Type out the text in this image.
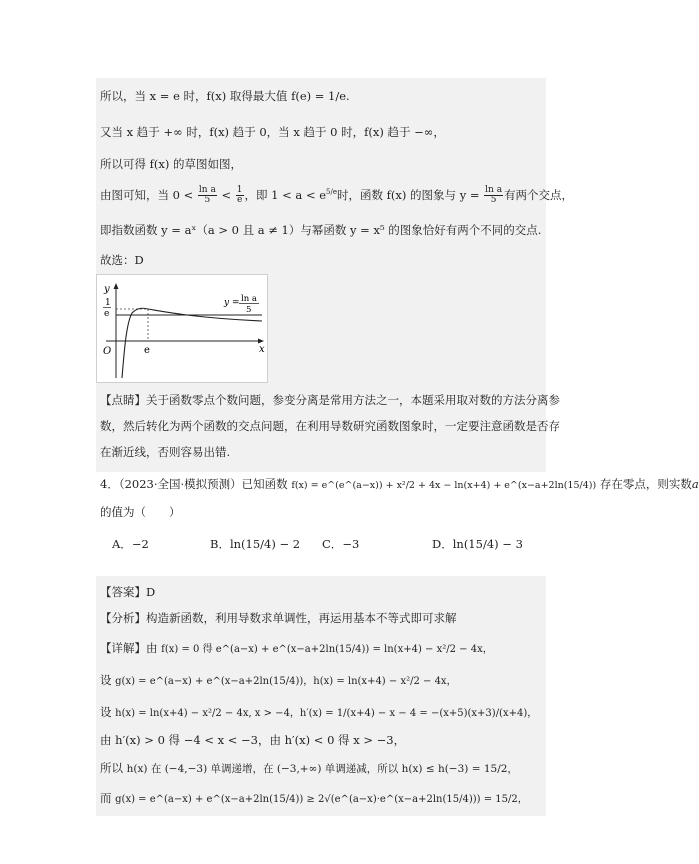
所以，当 x = e 时，f(x) 取得最大值 f(e) = 1/e.
又当 x 趋于 +∞ 时，f(x) 趋于 0，当 x 趋于 0 时，f(x) 趋于 −∞，
所以可得 f(x) 的草图如图，
由图可知，当 $0 < \frac{\text{ln a}}{5} < \frac{1}{e}$ ，即 $1 < a < e^{5/e}$时，函数 f(x) 的图象与 $y = \frac{\text{ln a}}{5}$ 有两个交点，
即指数函数 y = aˣ（a > 0 且 a ≠ 1）与幂函数 y = x⁵ 的图象恰好有两个不同的交点.
故选：D
y
x
O	e
1
e
y = ln a
5
【点睛】关于函数零点个数问题，参变分离是常用方法之一，本题采用取对数的方法分离参
数，然后转化为两个函数的交点问题，在利用导数研究函数图象时，一定要注意函数是否存
在渐近线，否则容易出错.
4．（2023·全国·模拟预测）已知函数 f(x) = e^(e^(a−x)) + x²/2 + 4x − ln(x+4) + e^(x−a+2ln(15/4)) 存在零点，则实数a
的值为（　　）
A．−2	B．ln(15/4) − 2 C．−3	D．ln(15/4) − 3
【答案】D
【分析】构造新函数，利用导数求单调性，再运用基本不等式即可求解
【详解】由 f(x) = 0 得 e^(a−x) + e^(x−a+2ln(15/4)) = ln(x+4) − x²/2 − 4x，
设 g(x) = e^(a−x) + e^(x−a+2ln(15/4))，h(x) = ln(x+4) − x²/2 − 4x，
设 h(x) = ln(x+4) − x²/2 − 4x, x > −4，h′(x) = 1/(x+4) − x − 4 = −(x+5)(x+3)/(x+4)，
由 h′(x) > 0 得 −4 < x < −3，由 h′(x) < 0 得 x > −3，
所以 h(x) 在 (−4,−3) 单调递增，在 (−3,+∞) 单调递减，所以 h(x) ≤ h(−3) = 15/2，
而 g(x) = e^(a−x) + e^(x−a+2ln(15/4)) ≥ 2√(e^(a−x)·e^(x−a+2ln(15/4))) = 15/2，
